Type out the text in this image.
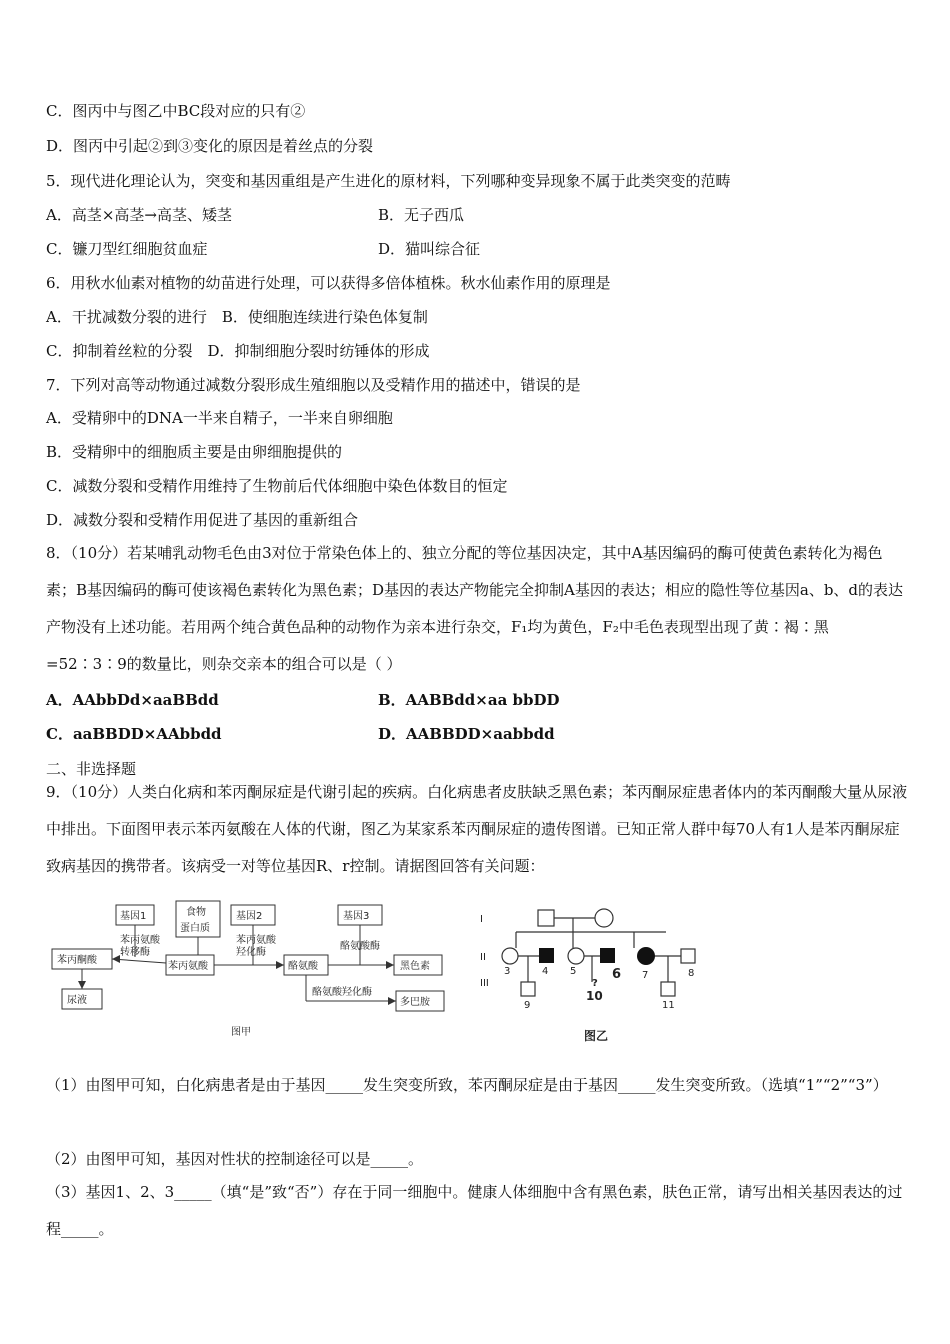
C．图丙中与图乙中BC段对应的只有②
D．图丙中引起②到③变化的原因是着丝点的分裂
5．现代进化理论认为，突变和基因重组是产生进化的原材料，下列哪种变异现象不属于此类突变的范畴
A．高茎×高茎→高茎、矮茎	B．无子西瓜
C．镰刀型红细胞贫血症	D．猫叫综合征
6．用秋水仙素对植物的幼苗进行处理，可以获得多倍体植株。秋水仙素作用的原理是
A．干扰减数分裂的进行　B．使细胞连续进行染色体复制
C．抑制着丝粒的分裂　D．抑制细胞分裂时纺锤体的形成
7．下列对高等动物通过减数分裂形成生殖细胞以及受精作用的描述中，错误的是
A．受精卵中的DNA一半来自精子，一半来自卵细胞
B．受精卵中的细胞质主要是由卵细胞提供的
C．减数分裂和受精作用维持了生物前后代体细胞中染色体数目的恒定
D．减数分裂和受精作用促进了基因的重新组合
8．（10分）若某哺乳动物毛色由3对位于常染色体上的、独立分配的等位基因决定，其中A基因编码的酶可使黄色素转化为褐色素；B基因编码的酶可使该褐色素转化为黑色素；D基因的表达产物能完全抑制A基因的表达；相应的隐性等位基因a、b、d的表达产物没有上述功能。若用两个纯合黄色品种的动物作为亲本进行杂交，F₁均为黄色，F₂中毛色表现型出现了黄∶褐∶黑=52∶3∶9的数量比，则杂交亲本的组合可以是（ ）
A．AAbbDd×aaBBdd	B．AABBdd×aa bbDD
C．aaBBDD×AAbbdd	D．AABBDD×aabbdd
二、非选择题
9．（10分）人类白化病和苯丙酮尿症是代谢引起的疾病。白化病患者皮肤缺乏黑色素；苯丙酮尿症患者体内的苯丙酮酸大量从尿液中排出。下面图甲表示苯丙氨酸在人体的代谢，图乙为某家系苯丙酮尿症的遗传图谱。已知正常人群中每70人有1人是苯丙酮尿症致病基因的携带者。该病受一对等位基因R、r控制。请据图回答有关问题：
基因1	食物
蛋白质
基因2	基因3
苯丙氨酸
转移酶
苯丙氨酸
羟化酶
酪氨酸酶
苯丙酮酸
苯丙氨酸	酪氨酸	黑色素
尿液
酪氨酸羟化酶
多巴胺
图甲
I
II
III
3	4 5	6 7	8
9
?
10
11
图乙
（1）由图甲可知，白化病患者是由于基因_____发生突变所致，苯丙酮尿症是由于基因_____发生突变所致。（选填“1”“2”“3”）
（2）由图甲可知，基因对性状的控制途径可以是_____。
（3）基因1、2、3_____（填“是”致“否”）存在于同一细胞中。健康人体细胞中含有黑色素，肤色正常，请写出相关基因表达的过程_____。
